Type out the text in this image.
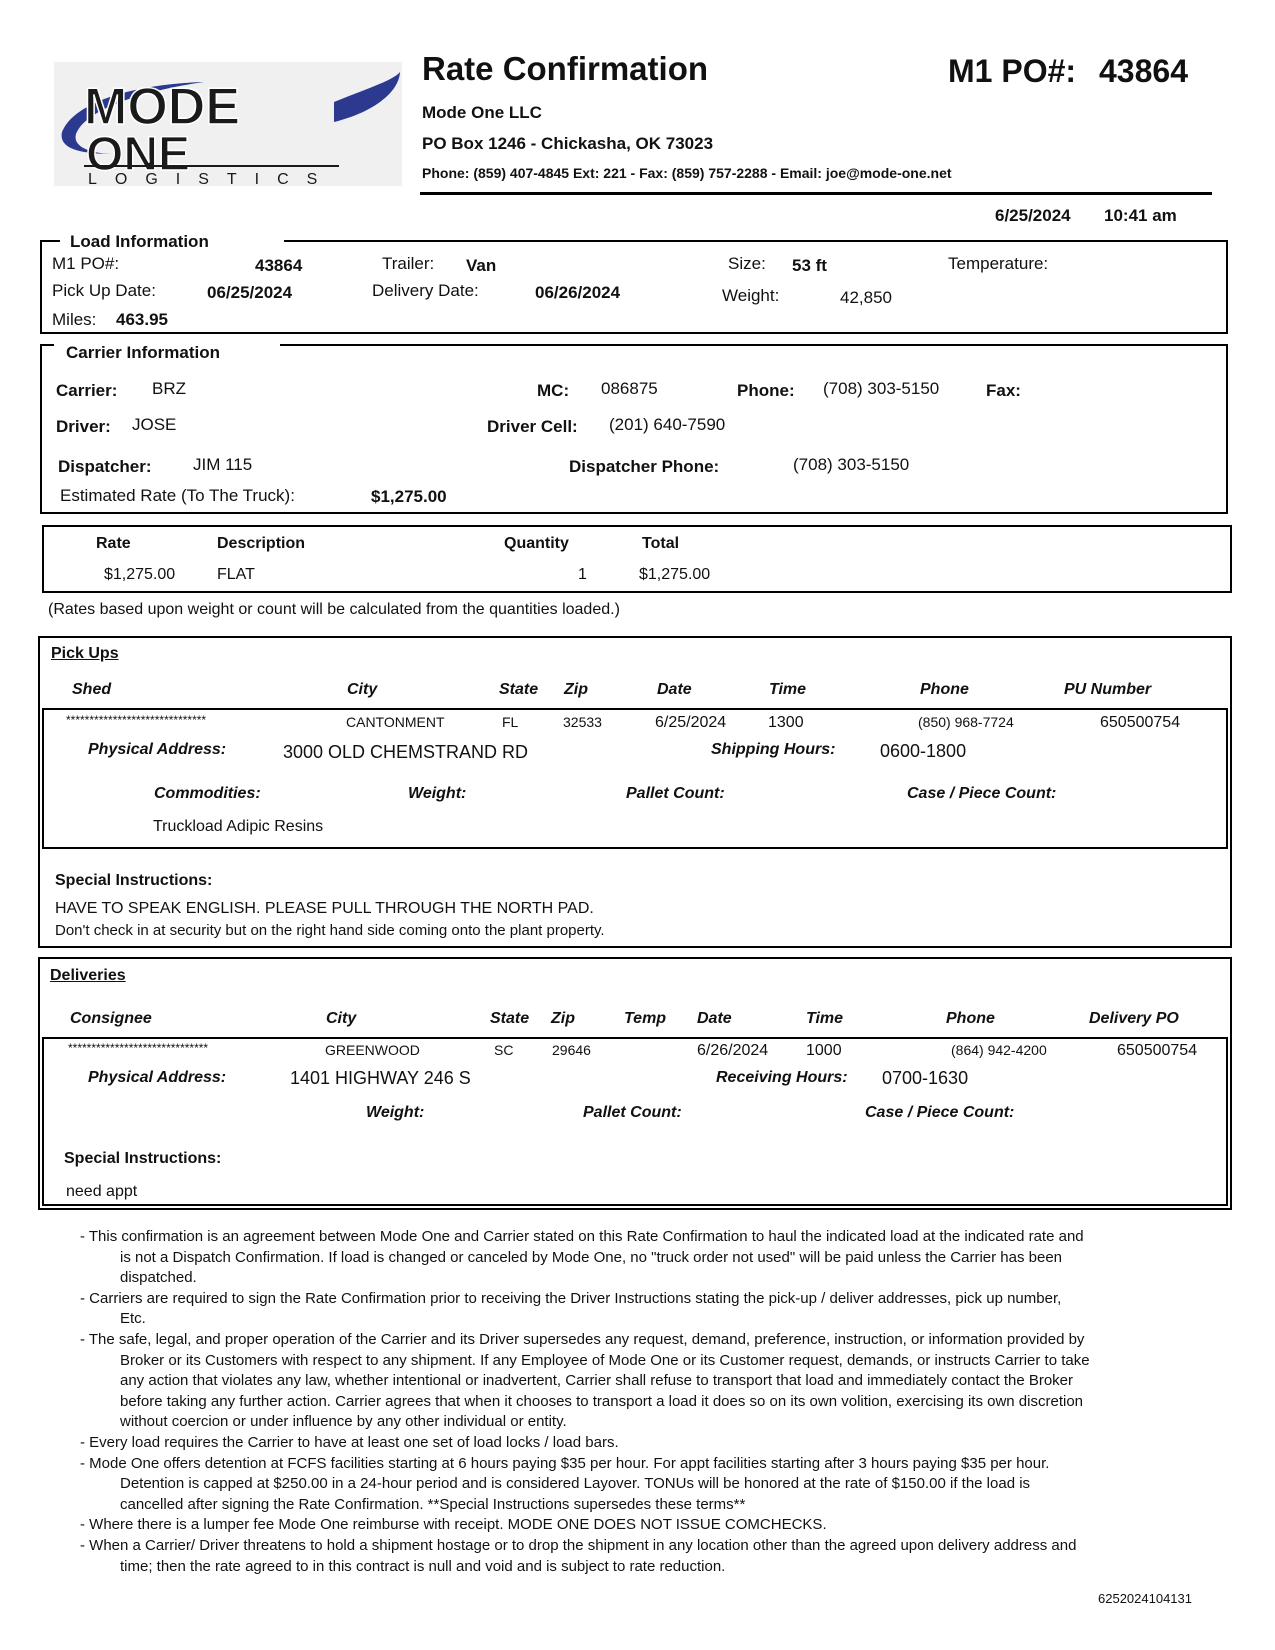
MODE
ONE
LOGISTICS
Rate Confirmation
Mode One LLC
PO Box 1246 - Chickasha, OK 73023
Phone: (859) 407-4845 Ext: 221 - Fax: (859) 757-2288 - Email: joe@mode-one.net
M1 PO#: 43864
6/25/2024 10:41 am
Load Information
M1 PO#:	43864
Pick Up Date:	06/25/2024
Miles: 463.95
Trailer: Van
Delivery Date:	06/26/2024
Size: 53 ft
Weight:	42,850
Temperature:
Carrier Information
Carrier: BRZ	MC: 086875	Phone: (708) 303-5150	Fax:
Driver: JOSE	Driver Cell: (201) 640-7590
Dispatcher: JIM 115	Dispatcher Phone:	(708) 303-5150
Estimated Rate (To The Truck):	$1,275.00
Rate	Description	Quantity	Total
$1,275.00	FLAT	1	$1,275.00
(Rates based upon weight or count will be calculated from the quantities loaded.)
Pick Ups
Shed	City	State Zip	Date	Time	Phone	PU Number
******************************	CANTONMENT	FL	32533	6/25/2024	1300	(850) 968-7724	650500754
Physical Address:	3000 OLD CHEMSTRAND RD	Shipping Hours: 0600-1800
Commodities:	Weight:	Pallet Count:	Case / Piece Count:
Truckload Adipic Resins
Special Instructions:
HAVE TO SPEAK ENGLISH. PLEASE PULL THROUGH THE NORTH PAD.
Don't check in at security but on the right hand side coming onto the plant property.
Deliveries
Consignee	City	State Zip	Temp Date	Time	Phone	Delivery PO
******************************	GREENWOOD	SC	29646	6/26/2024 1000	(864) 942-4200	650500754
Physical Address:	1401 HIGHWAY 246 S	Receiving Hours: 0700-1630
Weight:	Pallet Count:	Case / Piece Count:
Special Instructions:
need appt

- This confirmation is an agreement between Mode One and Carrier stated on this Rate Confirmation to haul the indicated load at the indicated rate and is not a Dispatch Confirmation. If load is changed or canceled by Mode One, no "truck order not used" will be paid unless the Carrier has been dispatched.

- Carriers are required to sign the Rate Confirmation prior to receiving the Driver Instructions stating the pick-up / deliver addresses, pick up number, Etc.

- The safe, legal, and proper operation of the Carrier and its Driver supersedes any request, demand, preference, instruction, or information provided by Broker or its Customers with respect to any shipment. If any Employee of Mode One or its Customer request, demands, or instructs Carrier to take any action that violates any law, whether intentional or inadvertent, Carrier shall refuse to transport that load and immediately contact the Broker before taking any further action. Carrier agrees that when it chooses to transport a load it does so on its own volition, exercising its own discretion without coercion or under influence by any other individual or entity.

- Every load requires the Carrier to have at least one set of load locks / load bars.

- Mode One offers detention at FCFS facilities starting at 6 hours paying $35 per hour. For appt facilities starting after 3 hours paying $35 per hour. Detention is capped at $250.00 in a 24-hour period and is considered Layover. TONUs will be honored at the rate of $150.00 if the load is cancelled after signing the Rate Confirmation. **Special Instructions supersedes these terms**

- Where there is a lumper fee Mode One reimburse with receipt. MODE ONE DOES NOT ISSUE COMCHECKS.

- When a Carrier/ Driver threatens to hold a shipment hostage or to drop the shipment in any location other than the agreed upon delivery address and time; then the rate agreed to in this contract is null and void and is subject to rate reduction.

6252024104131
